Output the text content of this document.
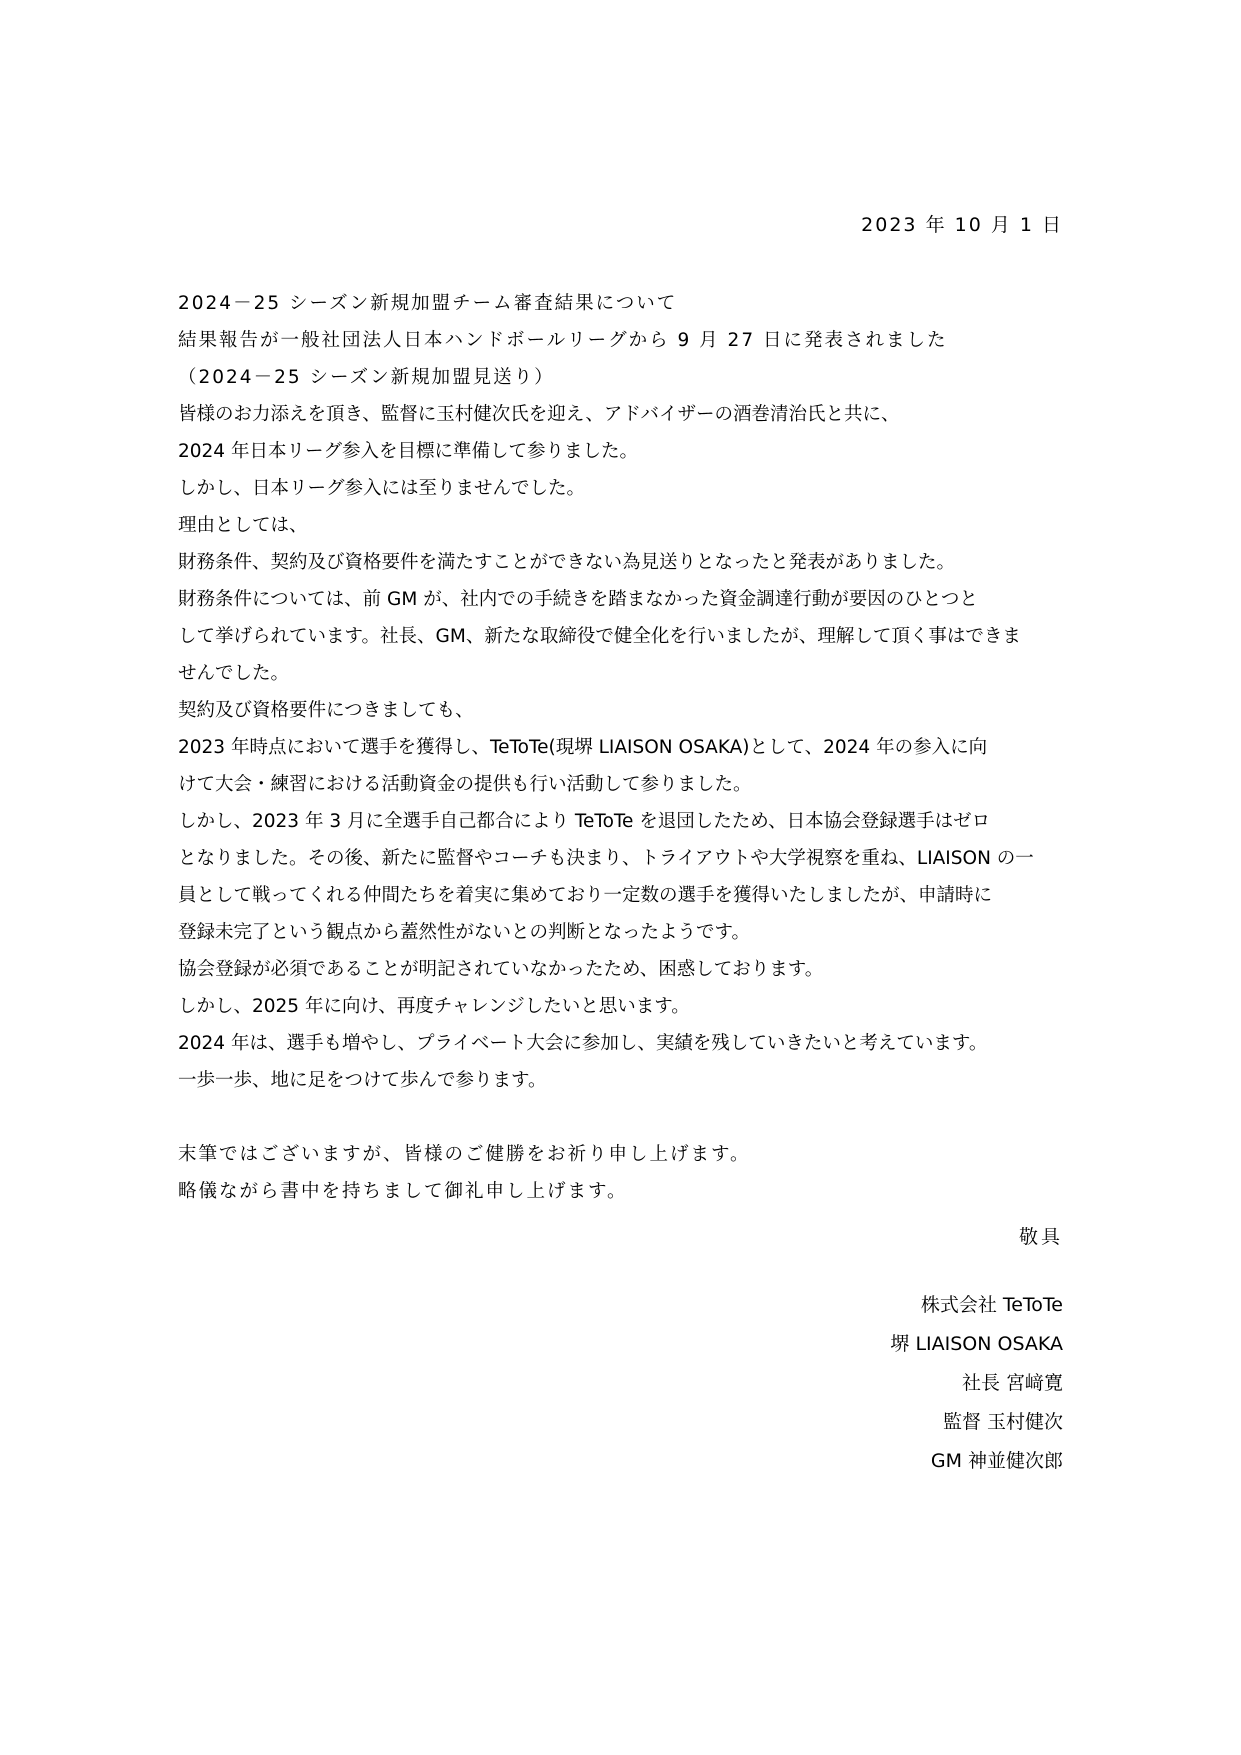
2023 年 10 月 1 日
2024－25 シーズン新規加盟チーム審査結果について
結果報告が一般社団法人日本ハンドボールリーグから 9 月 27 日に発表されました
（2024－25 シーズン新規加盟見送り）
皆様のお力添えを頂き、監督に玉村健次氏を迎え、アドバイザーの酒巻清治氏と共に、
2024 年日本リーグ参入を目標に準備して参りました。
しかし、日本リーグ参入には至りませんでした。
理由としては、
財務条件、契約及び資格要件を満たすことができない為見送りとなったと発表がありました。
財務条件については、前 GM が、社内での手続きを踏まなかった資金調達行動が要因のひとつと
して挙げられています。社長、GM、新たな取締役で健全化を行いましたが、理解して頂く事はできま
せんでした。
契約及び資格要件につきましても、
2023 年時点において選手を獲得し、TeToTe(現堺 LIAISON OSAKA)として、2024 年の参入に向
けて大会・練習における活動資金の提供も行い活動して参りました。
しかし、2023 年 3 月に全選手自己都合により TeToTe を退団したため、日本協会登録選手はゼロ
となりました。その後、新たに監督やコーチも決まり、トライアウトや大学視察を重ね、LIAISON の一
員として戦ってくれる仲間たちを着実に集めており一定数の選手を獲得いたしましたが、申請時に
登録未完了という観点から蓋然性がないとの判断となったようです。
協会登録が必須であることが明記されていなかったため、困惑しております。
しかし、2025 年に向け、再度チャレンジしたいと思います。
2024 年は、選手も増やし、プライベート大会に参加し、実績を残していきたいと考えています。
一歩一歩、地に足をつけて歩んで参ります。
末筆ではございますが、皆様のご健勝をお祈り申し上げます。
略儀ながら書中を持ちまして御礼申し上げます。
敬具
株式会社 TeToTe
堺 LIAISON OSAKA
社長 宮﨑寛
監督 玉村健次
GM 神並健次郎
